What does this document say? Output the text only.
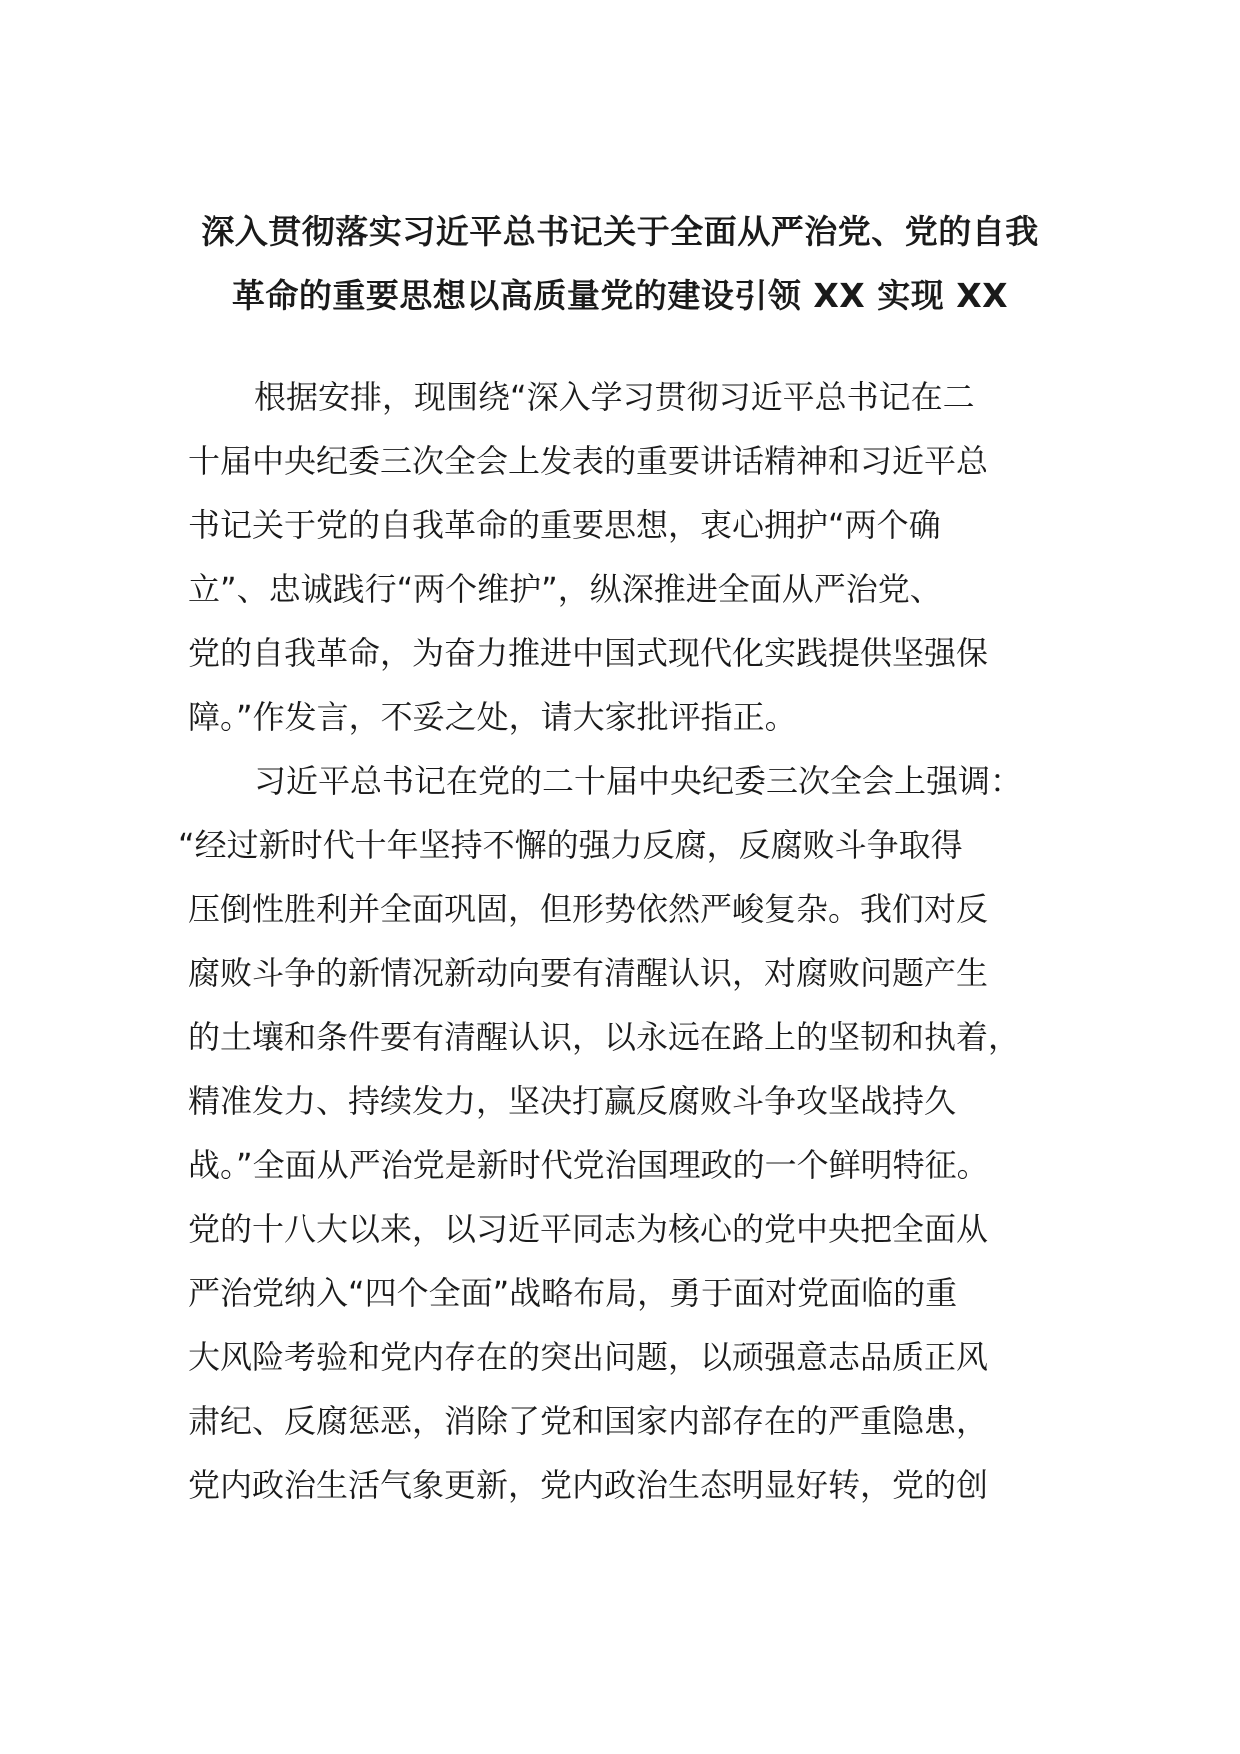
深入贯彻落实习近平总书记关于全面从严治党、党的自我
革命的重要思想以高质量党的建设引领 XX 实现 XX
根据安排，现围绕“深入学习贯彻习近平总书记在二
十届中央纪委三次全会上发表的重要讲话精神和习近平总
书记关于党的自我革命的重要思想，衷心拥护“两个确
立”、忠诚践行“两个维护”，纵深推进全面从严治党、
党的自我革命，为奋力推进中国式现代化实践提供坚强保
障。”作发言，不妥之处，请大家批评指正。
习近平总书记在党的二十届中央纪委三次全会上强调：
“经过新时代十年坚持不懈的强力反腐，反腐败斗争取得
压倒性胜利并全面巩固，但形势依然严峻复杂。我们对反
腐败斗争的新情况新动向要有清醒认识，对腐败问题产生
的土壤和条件要有清醒认识，以永远在路上的坚韧和执着，
精准发力、持续发力，坚决打赢反腐败斗争攻坚战持久
战。”全面从严治党是新时代党治国理政的一个鲜明特征。
党的十八大以来，以习近平同志为核心的党中央把全面从
严治党纳入“四个全面”战略布局，勇于面对党面临的重
大风险考验和党内存在的突出问题，以顽强意志品质正风
肃纪、反腐惩恶，消除了党和国家内部存在的严重隐患，
党内政治生活气象更新，党内政治生态明显好转，党的创
